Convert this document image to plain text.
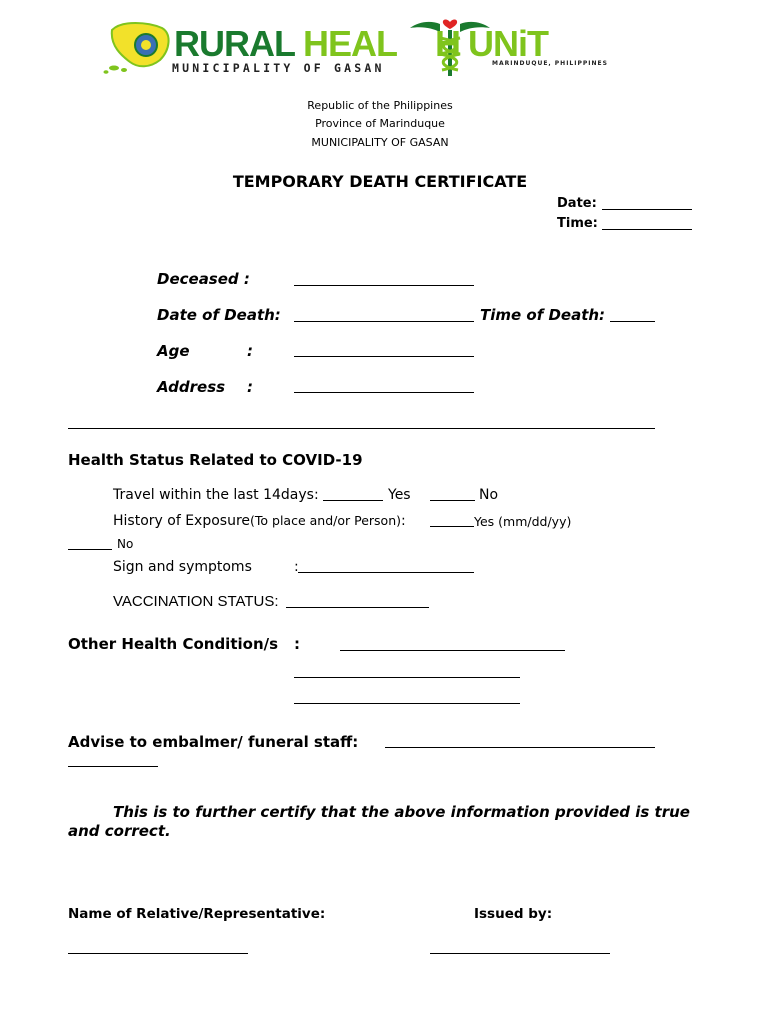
RURAL HEAL H UNiT
MUNICIPALITY OF GASAN	MARINDUQUE, PHILIPPINES
Republic of the Philippines
Province of Marinduque
MUNICIPALITY OF GASAN
TEMPORARY DEATH CERTIFICATE
Date:
Time:
Deceased :
Date of Death:	Time of Death:
Age	:
Address :
Health Status Related to COVID-19
Travel within the last 14days:	Yes	No
History of Exposure(To place and/or Person):	Yes (mm/dd/yy)
No
Sign and symptoms	:
VACCINATION STATUS:
Other Health Condition/s :
Advise to embalmer/ funeral staff:
This is to further certify that the above information provided is true
and correct.
Name of Relative/Representative:	Issued by:
